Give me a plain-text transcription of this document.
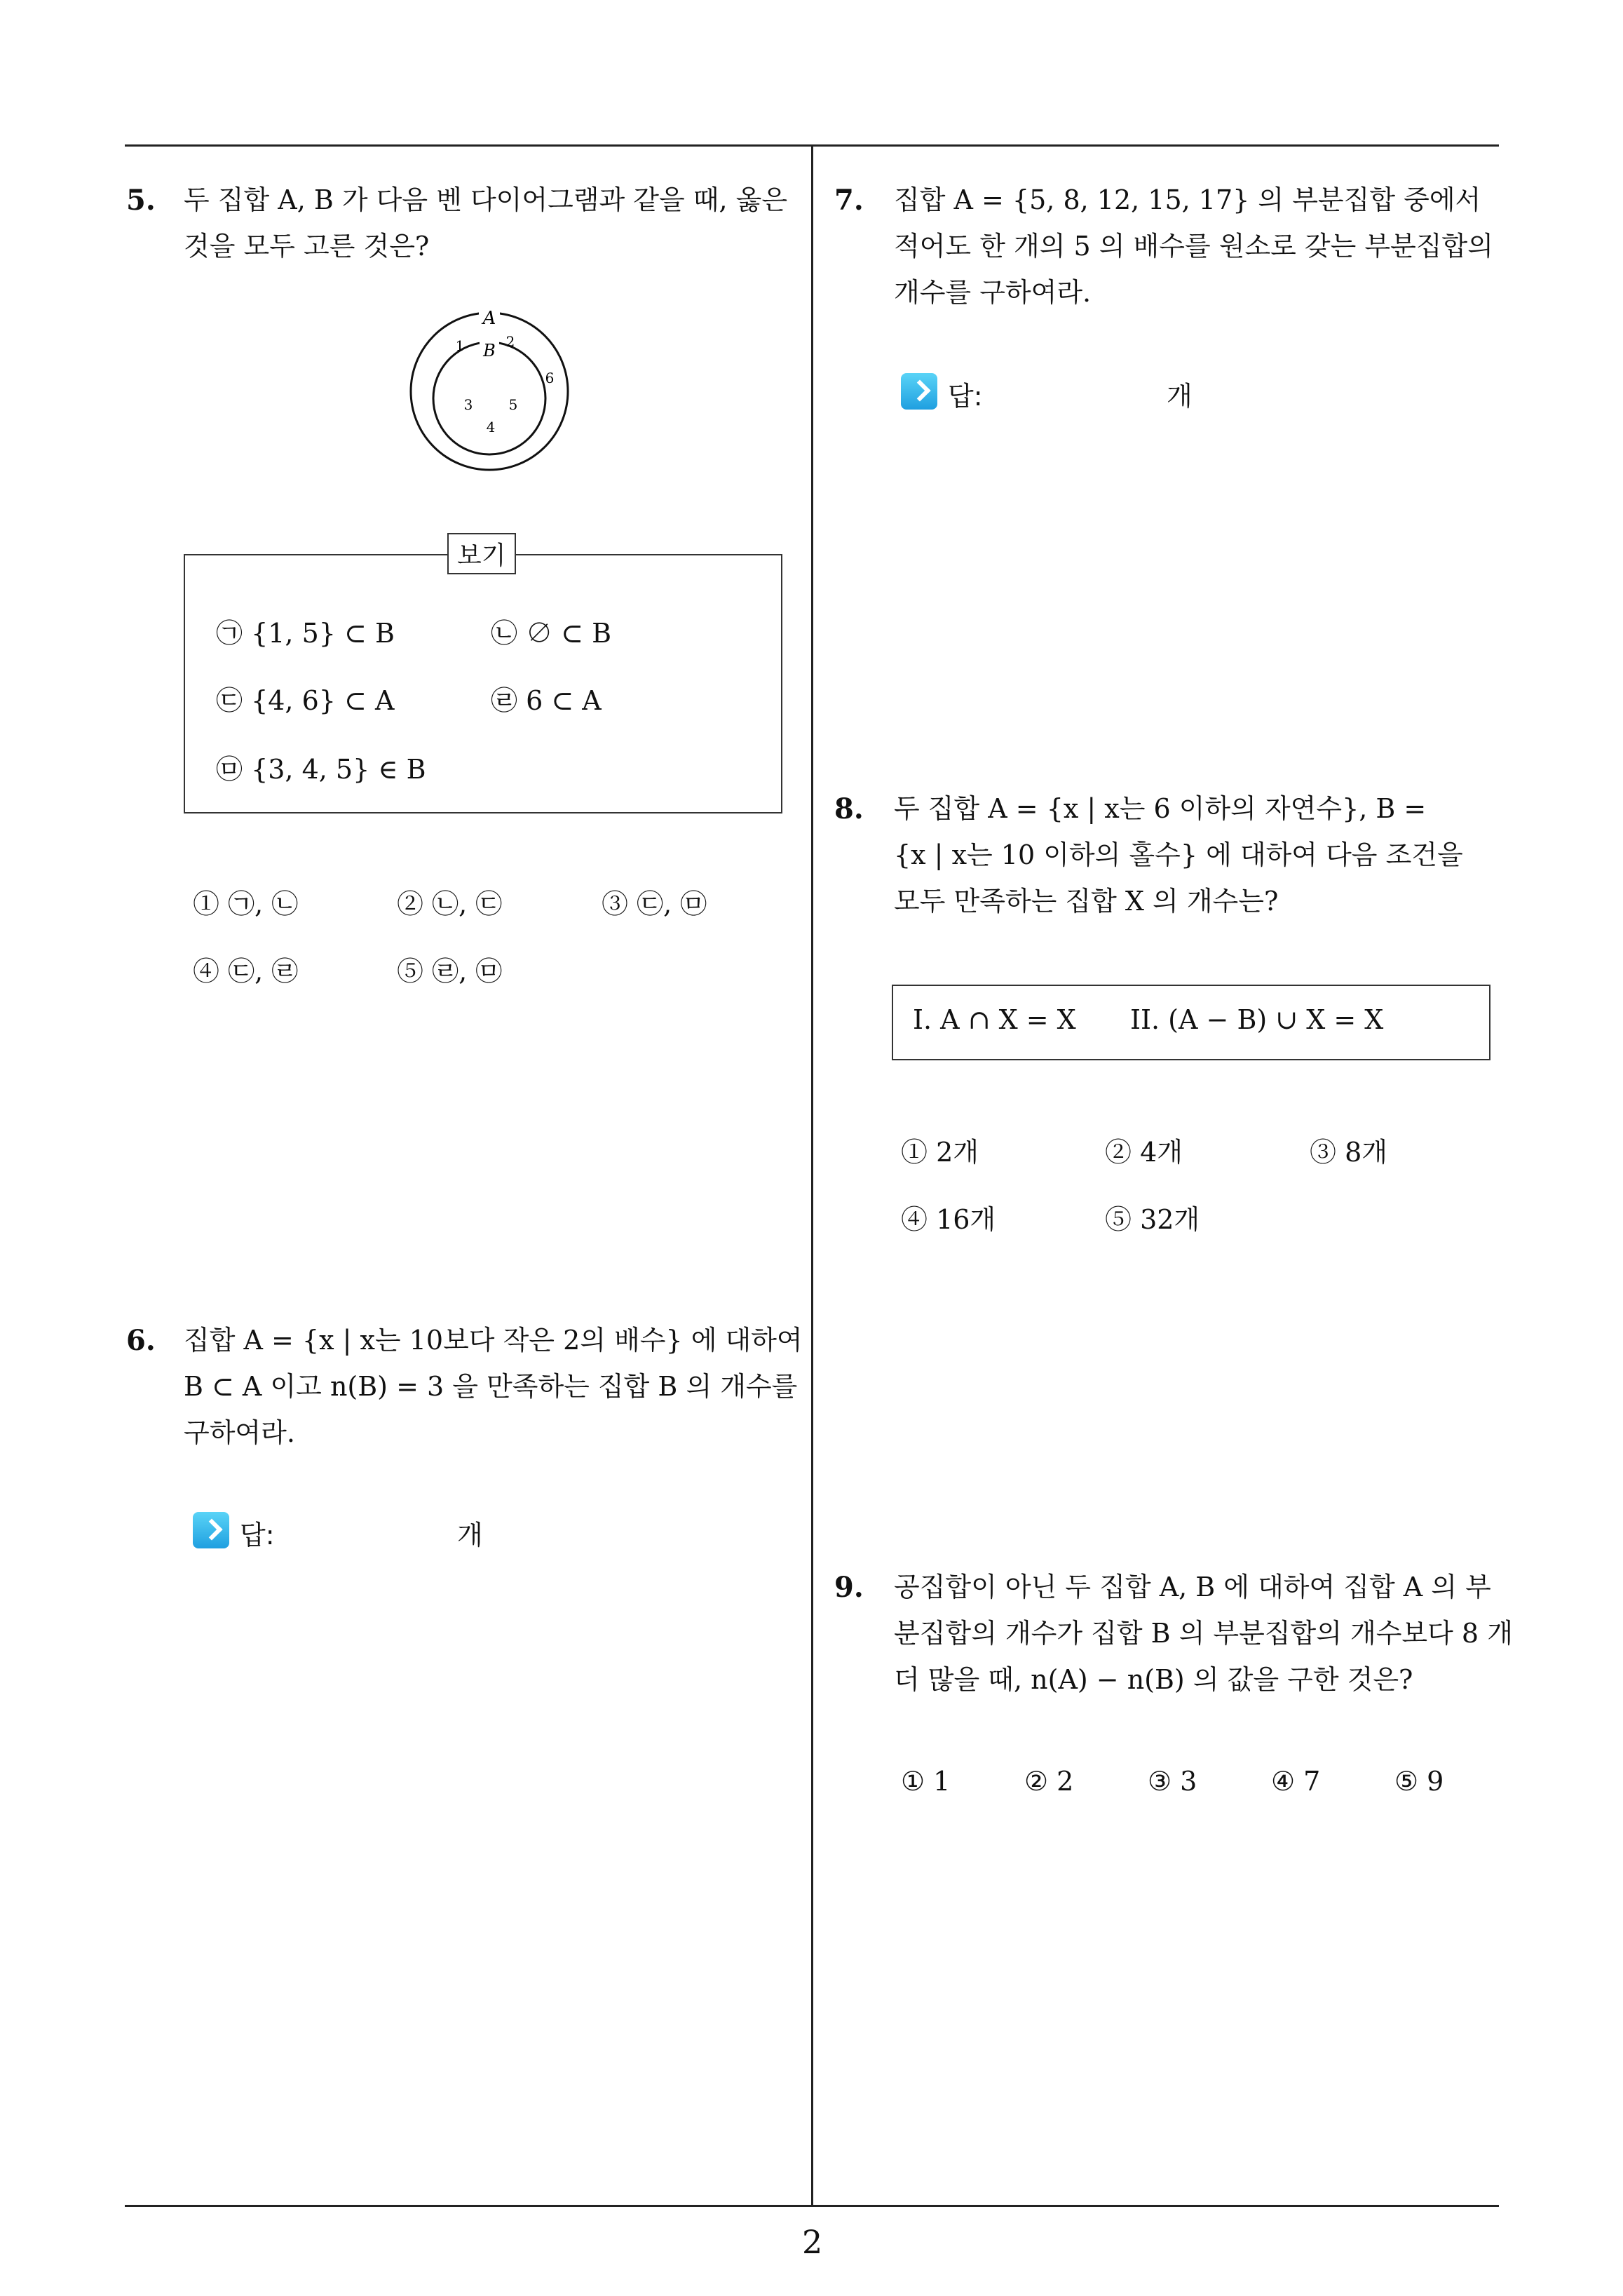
5. 두 집합 A, B 가 다음 벤 다이어그램과 같을 때, 옳은
것을 모두 고른 것은?
A
B
1	2
6
3	5
4
보기
㉠ {1, 5} ⊂ B	㉡ ∅ ⊂ B
㉢ {4, 6} ⊂ A	㉣ 6 ⊂ A
㉤ {3, 4, 5} ∈ B
① ㉠, ㉡	② ㉡, ㉢	③ ㉢, ㉤
④ ㉢, ㉣	⑤ ㉣, ㉤
6. 집합 A = {x | x는 10보다 작은 2의 배수} 에 대하여
B ⊂ A 이고 n(B) = 3 을 만족하는 집합 B 의 개수를
구하여라.
답:	개
7. 집합 A = {5, 8, 12, 15, 17} 의 부분집합 중에서
적어도 한 개의 5 의 배수를 원소로 갖는 부분집합의
개수를 구하여라.
답:	개
8. 두 집합 A = {x | x는 6 이하의 자연수}, B =
{x | x는 10 이하의 홀수} 에 대하여 다음 조건을
모두 만족하는 집합 X 의 개수는?
I. A ∩ X = X II. (A − B) ∪ X = X
① 2개	② 4개	③ 8개
④ 16개	⑤ 32개
9. 공집합이 아닌 두 집합 A, B 에 대하여 집합 A 의 부
분집합의 개수가 집합 B 의 부분집합의 개수보다 8 개
더 많을 때, n(A) − n(B) 의 값을 구한 것은?
① 1	② 2	③ 3	④ 7	⑤ 9
2
